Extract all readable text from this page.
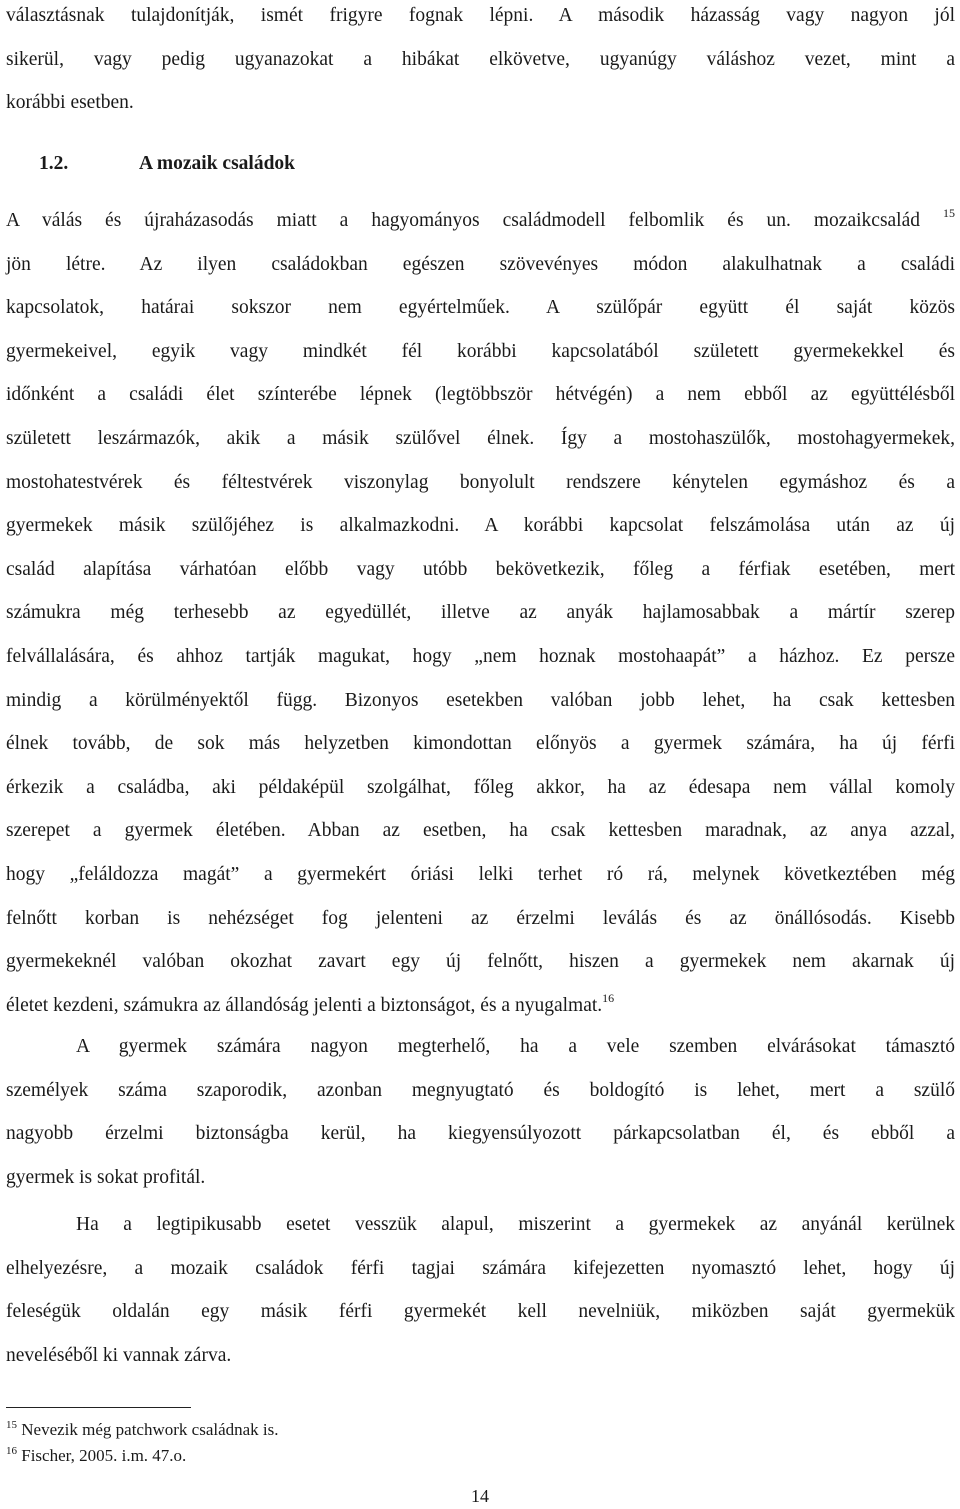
választásnak tulajdonítják, ismét frigyre fognak lépni. A második házasság vagy nagyon jól
sikerül, vagy pedig ugyanazokat a hibákat elkövetve, ugyanúgy váláshoz vezet, mint a
korábbi esetben.
1.2.	A mozaik családok
A válás és újraházasodás miatt a hagyományos családmodell felbomlik és un. mozaikcsalád $^{15}$
jön létre. Az ilyen családokban egészen szövevényes módon alakulhatnak a családi
kapcsolatok, határai sokszor nem egyértelműek. A szülőpár együtt él saját közös
gyermekeivel, egyik vagy mindkét fél korábbi kapcsolatából született gyermekekkel és
időnként a családi élet színterébe lépnek (legtöbbször hétvégén) a nem ebből az együttélésből
született leszármazók, akik a másik szülővel élnek. Így a mostohaszülők, mostohagyermekek,
mostohatestvérek és féltestvérek viszonylag bonyolult rendszere kénytelen egymáshoz és a
gyermekek másik szülőjéhez is alkalmazkodni. A korábbi kapcsolat felszámolása után az új
család alapítása várhatóan előbb vagy utóbb bekövetkezik, főleg a férfiak esetében, mert
számukra még terhesebb az egyedüllét, illetve az anyák hajlamosabbak a mártír szerep
felvállalására, és ahhoz tartják magukat, hogy „nem hoznak mostohaapát” a házhoz. Ez persze
mindig a körülményektől függ. Bizonyos esetekben valóban jobb lehet, ha csak kettesben
élnek tovább, de sok más helyzetben kimondottan előnyös a gyermek számára, ha új férfi
érkezik a családba, aki példaképül szolgálhat, főleg akkor, ha az édesapa nem vállal komoly
szerepet a gyermek életében. Abban az esetben, ha csak kettesben maradnak, az anya azzal,
hogy „feláldozza magát” a gyermekért óriási lelki terhet ró rá, melynek következtében még
felnőtt korban is nehézséget fog jelenteni az érzelmi leválás és az önállósodás. Kisebb
gyermekeknél valóban okozhat zavart egy új felnőtt, hiszen a gyermekek nem akarnak új
életet kezdeni, számukra az állandóság jelenti a biztonságot, és a nyugalmat.$^{16}$
A gyermek számára nagyon megterhelő, ha a vele szemben elvárásokat támasztó
személyek száma szaporodik, azonban megnyugtató és boldogító is lehet, mert a szülő
nagyobb érzelmi biztonságba kerül, ha kiegyensúlyozott párkapcsolatban él, és ebből a
gyermek is sokat profitál.
Ha a legtipikusabb esetet vesszük alapul, miszerint a gyermekek az anyánál kerülnek
elhelyezésre, a mozaik családok férfi tagjai számára kifejezetten nyomasztó lehet, hogy új
feleségük oldalán egy másik férfi gyermekét kell nevelniük, miközben saját gyermekük
neveléséből ki vannak zárva.
$^{15}$ Nevezik még patchwork családnak is.
$^{16}$ Fischer, 2005. i.m. 47.o.
14
